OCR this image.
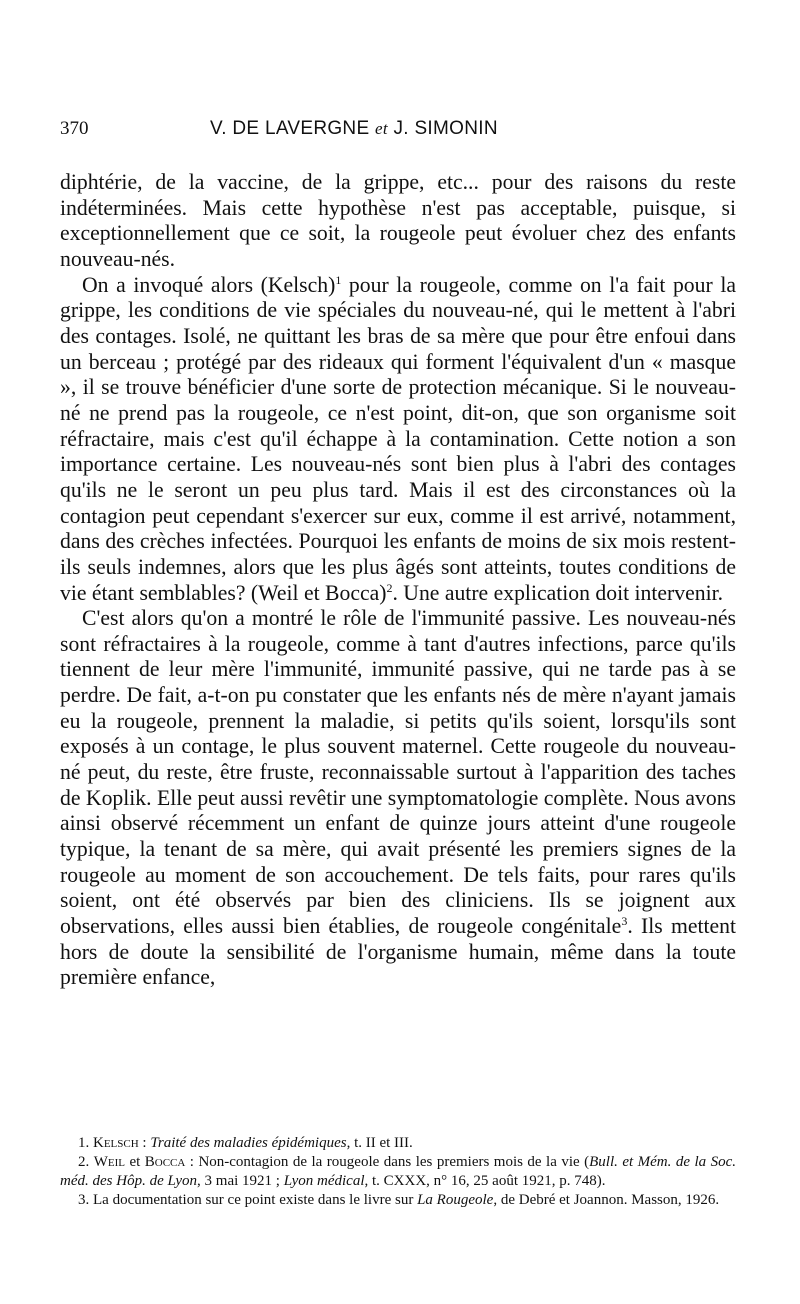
370	V. DE LAVERGNE et J. SIMONIN

diphtérie, de la vaccine, de la grippe, etc... pour des raisons du reste indéterminées. Mais cette hypothèse n'est pas acceptable, puisque, si exceptionnellement que ce soit, la rougeole peut évoluer chez des enfants nouveau-nés.

On a invoqué alors (Kelsch)$^1$ pour la rougeole, comme on l'a fait pour la grippe, les conditions de vie spéciales du nouveau-né, qui le mettent à l'abri des contages. Isolé, ne quittant les bras de sa mère que pour être enfoui dans un berceau ; protégé par des rideaux qui forment l'équivalent d'un « masque », il se trouve bénéficier d'une sorte de protection mécanique. Si le nouveau-né ne prend pas la rougeole, ce n'est point, dit-on, que son organisme soit réfractaire, mais c'est qu'il échappe à la contamination. Cette notion a son importance certaine. Les nouveau-nés sont bien plus à l'abri des contages qu'ils ne le seront un peu plus tard. Mais il est des circonstances où la contagion peut cependant s'exercer sur eux, comme il est arrivé, notamment, dans des crèches infectées. Pourquoi les enfants de moins de six mois restent-ils seuls indemnes, alors que les plus âgés sont atteints, toutes conditions de vie étant semblables? (Weil et Bocca)$^2$. Une autre explication doit intervenir.

C'est alors qu'on a montré le rôle de l'immunité passive. Les nouveau-nés sont réfractaires à la rougeole, comme à tant d'autres infections, parce qu'ils tiennent de leur mère l'immunité, immunité passive, qui ne tarde pas à se perdre. De fait, a-t-on pu constater que les enfants nés de mère n'ayant jamais eu la rougeole, prennent la maladie, si petits qu'ils soient, lorsqu'ils sont exposés à un contage, le plus souvent maternel. Cette rougeole du nouveau-né peut, du reste, être fruste, reconnaissable surtout à l'apparition des taches de Koplik. Elle peut aussi revêtir une symptomatologie complète. Nous avons ainsi observé récemment un enfant de quinze jours atteint d'une rougeole typique, la tenant de sa mère, qui avait présenté les premiers signes de la rougeole au moment de son accouchement. De tels faits, pour rares qu'ils soient, ont été observés par bien des cliniciens. Ils se joignent aux observations, elles aussi bien établies, de rougeole congénitale$^3$. Ils mettent hors de doute la sensibilité de l'organisme humain, même dans la toute première enfance,

1. Kelsch : Traité des maladies épidémiques, t. II et III.

2. Weil et Bocca : Non-contagion de la rougeole dans les premiers mois de la vie (Bull. et Mém. de la Soc. méd. des Hôp. de Lyon, 3 mai 1921 ; Lyon médical, t. CXXX, n° 16, 25 août 1921, p. 748).

3. La documentation sur ce point existe dans le livre sur La Rougeole, de Debré et Joannon. Masson, 1926.
